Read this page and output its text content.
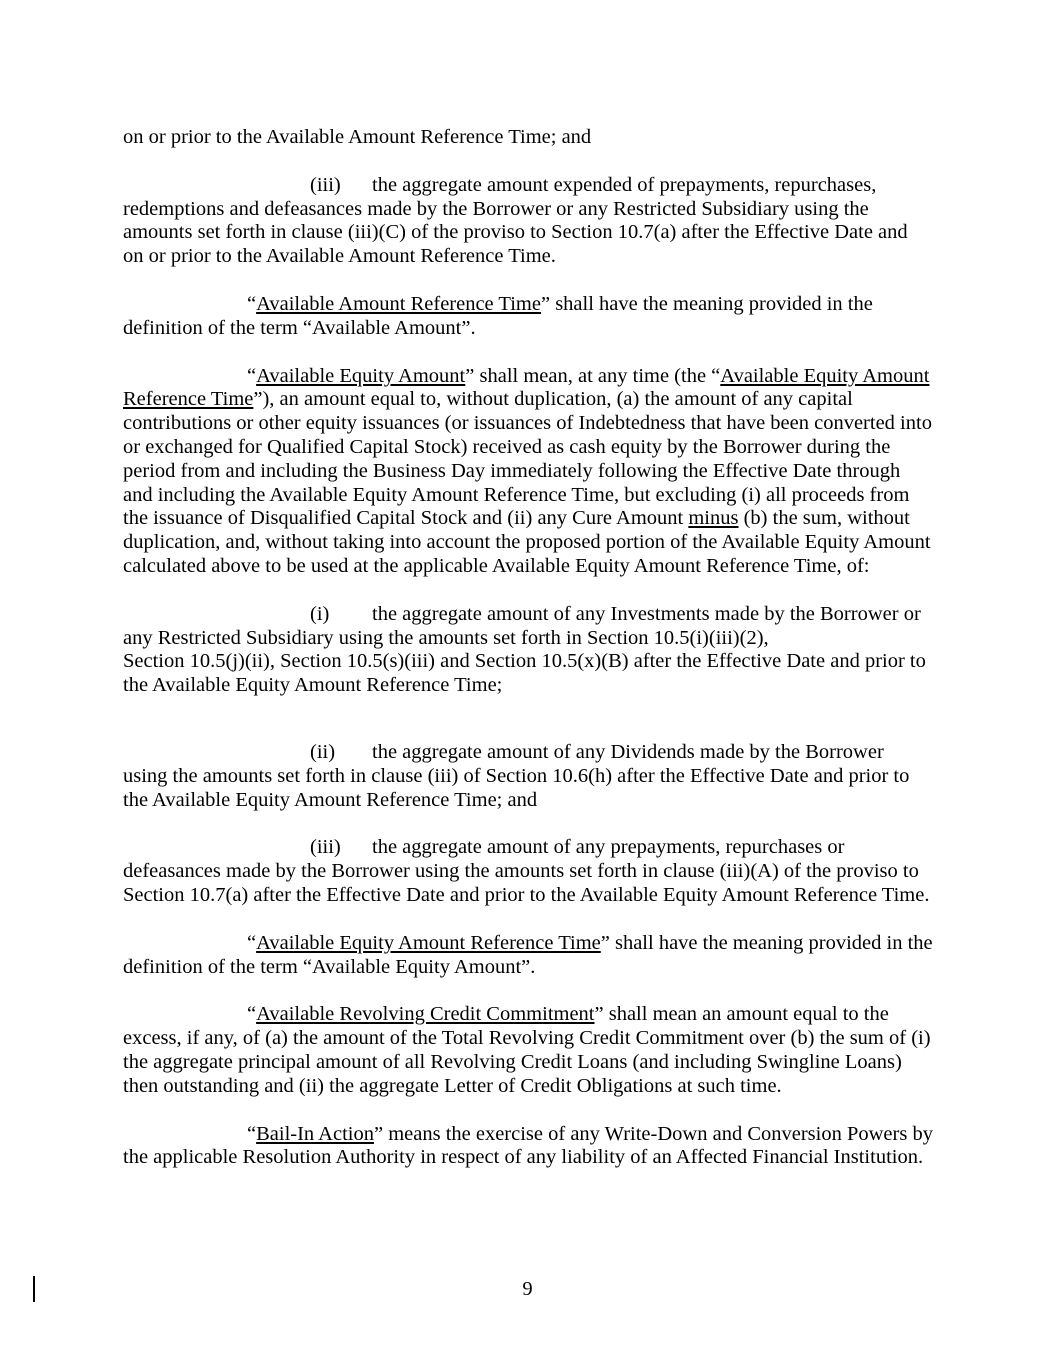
on or prior to the Available Amount Reference Time; and

(iii) the aggregate amount expended of prepayments, repurchases, redemptions and defeasances made by the Borrower or any Restricted Subsidiary using the amounts set forth in clause (iii)(C) of the proviso to Section 10.7(a) after the Effective Date and on or prior to the Available Amount Reference Time.

“Available Amount Reference Time” shall have the meaning provided in the definition of the term “Available Amount”.

“Available Equity Amount” shall mean, at any time (the “Available Equity Amount Reference Time”), an amount equal to, without duplication, (a) the amount of any capital contributions or other equity issuances (or issuances of Indebtedness that have been converted into or exchanged for Qualified Capital Stock) received as cash equity by the Borrower during the period from and including the Business Day immediately following the Effective Date through and including the Available Equity Amount Reference Time, but excluding (i) all proceeds from the issuance of Disqualified Capital Stock and (ii) any Cure Amount minus (b) the sum, without duplication, and, without taking into account the proposed portion of the Available Equity Amount calculated above to be used at the applicable Available Equity Amount Reference Time, of:

(i) the aggregate amount of any Investments made by the Borrower or any Restricted Subsidiary using the amounts set forth in Section 10.5(i)(iii)(2),
Section 10.5(j)(ii), Section 10.5(s)(iii) and Section 10.5(x)(B) after the Effective Date and prior to the Available Equity Amount Reference Time;

(ii) the aggregate amount of any Dividends made by the Borrower using the amounts set forth in clause (iii) of Section 10.6(h) after the Effective Date and prior to the Available Equity Amount Reference Time; and

(iii) the aggregate amount of any prepayments, repurchases or defeasances made by the Borrower using the amounts set forth in clause (iii)(A) of the proviso to Section 10.7(a) after the Effective Date and prior to the Available Equity Amount Reference Time.

“Available Equity Amount Reference Time” shall have the meaning provided in the definition of the term “Available Equity Amount”.

“Available Revolving Credit Commitment” shall mean an amount equal to the excess, if any, of (a) the amount of the Total Revolving Credit Commitment over (b) the sum of (i) the aggregate principal amount of all Revolving Credit Loans (and including Swingline Loans) then outstanding and (ii) the aggregate Letter of Credit Obligations at such time.

“Bail-In Action” means the exercise of any Write-Down and Conversion Powers by the applicable Resolution Authority in respect of any liability of an Affected Financial Institution.

9
